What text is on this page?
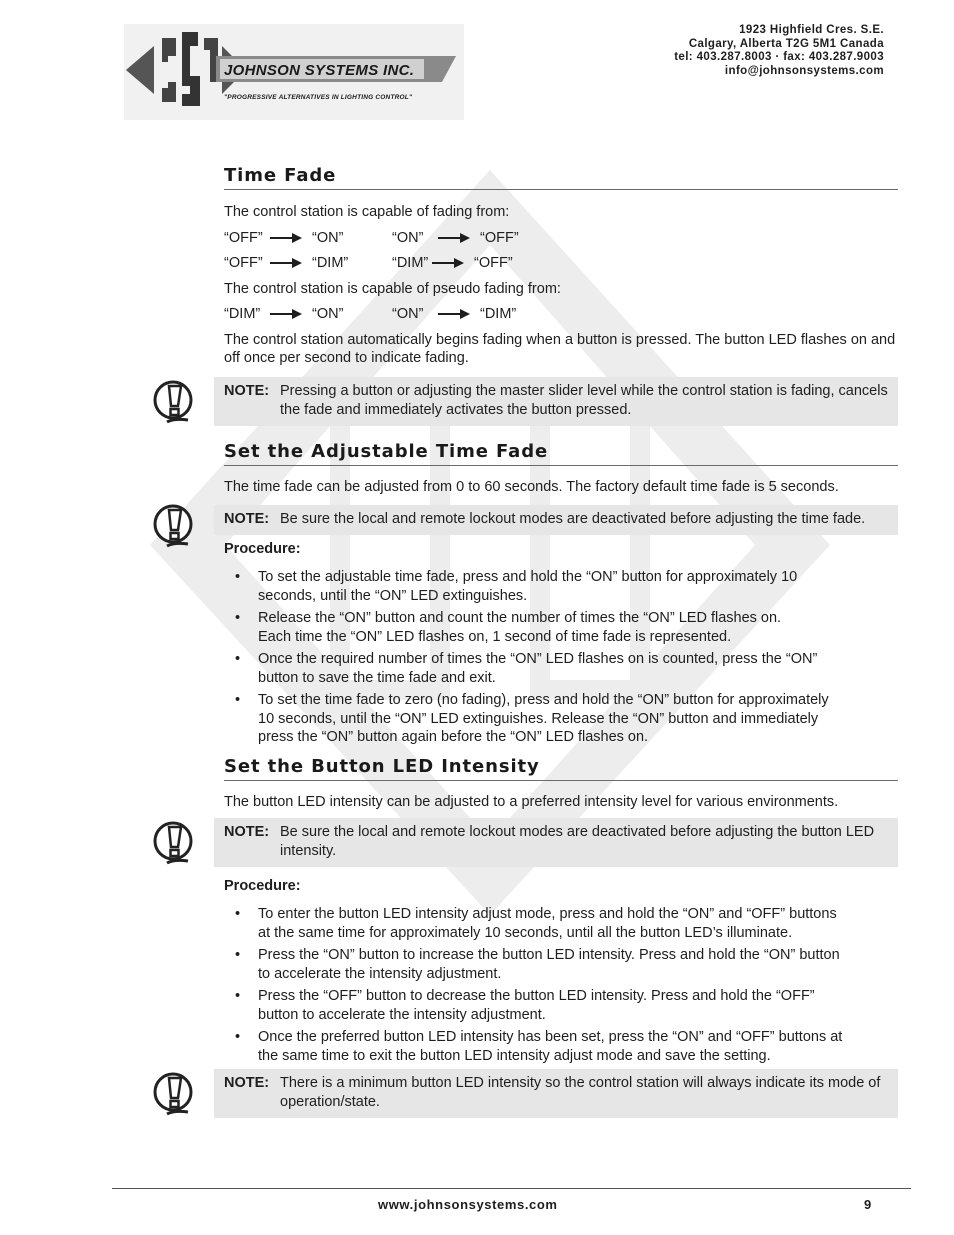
JOHNSON SYSTEMS INC.
"PROGRESSIVE ALTERNATIVES IN LIGHTING CONTROL"
1923 Highfield Cres. S.E.
Calgary, Alberta T2G 5M1 Canada
tel: 403.287.8003 · fax: 403.287.9003
info@johnsonsystems.com
Time Fade

The control station is capable of fading from:

“OFF”	“ON”	“ON”	“OFF”
“OFF”	“DIM”	“DIM”	“OFF”

The control station is capable of pseudo fading from:

“DIM”	“ON”	“ON”	“DIM”

The control station automatically begins fading when a button is pressed. The button LED flashes on and off once per second to indicate fading.

NOTE: Pressing a button or adjusting the master slider level while the control station is fading, cancels the fade and immediately activates the button pressed.
Set the Adjustable Time Fade

The time fade can be adjusted from 0 to 60 seconds. The factory default time fade is 5 seconds.

NOTE: Be sure the local and remote lockout modes are deactivated before adjusting the time fade.
Procedure:
• To set the adjustable time fade, press and hold the “ON” button for approximately 10
seconds, until the “ON” LED extinguishes.
• Release the “ON” button and count the number of times the “ON” LED flashes on.
Each time the “ON” LED flashes on, 1 second of time fade is represented.
• Once the required number of times the “ON” LED flashes on is counted, press the “ON”
button to save the time fade and exit.
• To set the time fade to zero (no fading), press and hold the “ON” button for approximately
10 seconds, until the “ON” LED extinguishes. Release the “ON” button and immediately
press the “ON” button again before the “ON” LED flashes on.
Set the Button LED Intensity

The button LED intensity can be adjusted to a preferred intensity level for various environments.

NOTE: Be sure the local and remote lockout modes are deactivated before adjusting the button LED intensity.
Procedure:
• To enter the button LED intensity adjust mode, press and hold the “ON” and “OFF” buttons
at the same time for approximately 10 seconds, until all the button LED’s illuminate.
• Press the “ON” button to increase the button LED intensity. Press and hold the “ON” button
to accelerate the intensity adjustment.
• Press the “OFF” button to decrease the button LED intensity. Press and hold the “OFF”
button to accelerate the intensity adjustment.
• Once the preferred button LED intensity has been set, press the “ON” and “OFF” buttons at
the same time to exit the button LED intensity adjust mode and save the setting.
NOTE: There is a minimum button LED intensity so the control station will always indicate its mode of operation/state.
www.johnsonsystems.com	9
